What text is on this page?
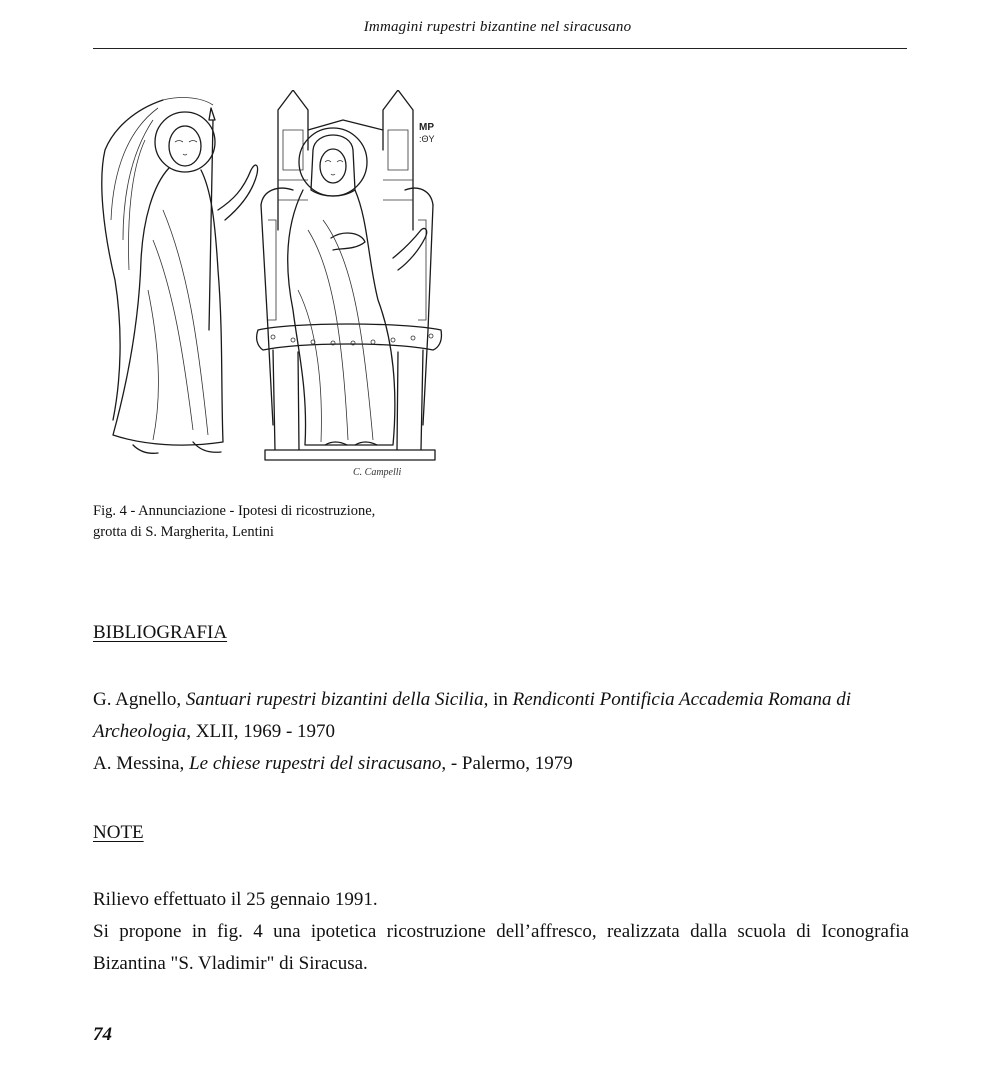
Immagini rupestri bizantine nel siracusano
MP
:ΘY
C. Campelli
Fig. 4 - Annunciazione - Ipotesi di ricostruzione,
grotta di S. Margherita, Lentini
BIBLIOGRAFIA

G. Agnello, Santuari rupestri bizantini della Sicilia, in Rendiconti Pontificia Accademia Romana di Archeologia, XLII, 1969 - 1970

A. Messina, Le chiese rupestri del siracusano, - Palermo, 1979

NOTE

Rilievo effettuato il 25 gennaio 1991.

Si propone in fig. 4 una ipotetica ricostruzione dell’affresco, realizzata dalla scuola di Iconografia Bizantina "S. Vladimir" di Siracusa.

74
